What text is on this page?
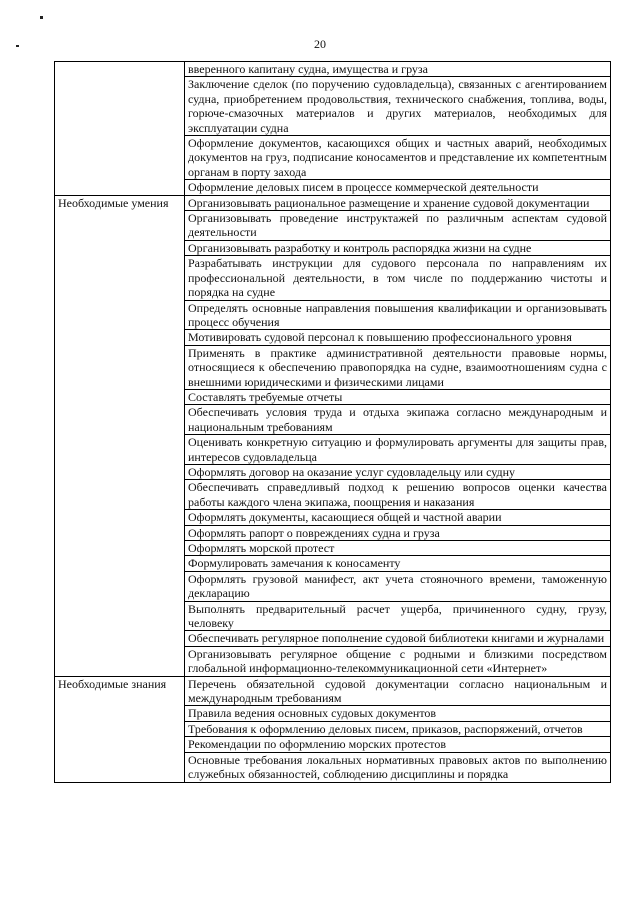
20
	вверенного капитану судна, имущества и груза
	Заключение сделок (по поручению судовладельца), связанных с агентированием судна, приобретением продовольствия, технического снабжения, топлива, воды, горюче-смазочных материалов и других материалов, необходимых для эксплуатации судна
	Оформление документов, касающихся общих и частных аварий, необходимых документов на груз, подписание коносаментов и представление их компетентным органам в порту захода
	Оформление деловых писем в процессе коммерческой деятельности
Необходимые умения	Организовывать рациональное размещение и хранение судовой документации
	Организовывать проведение инструктажей по различным аспектам судовой деятельности
	Организовывать разработку и контроль распорядка жизни на судне
	Разрабатывать инструкции для судового персонала по направлениям их профессиональной деятельности, в том числе по поддержанию чистоты и порядка на судне
	Определять основные направления повышения квалификации и организовывать процесс обучения
	Мотивировать судовой персонал к повышению профессионального уровня
	Применять в практике административной деятельности правовые нормы, относящиеся к обеспечению правопорядка на судне, взаимоотношениям судна с внешними юридическими и физическими лицами
	Составлять требуемые отчеты
	Обеспечивать условия труда и отдыха экипажа согласно международным и национальным требованиям
	Оценивать конкретную ситуацию и формулировать аргументы для защиты прав, интересов судовладельца
	Оформлять договор на оказание услуг судовладельцу или судну
	Обеспечивать справедливый подход к решению вопросов оценки качества работы каждого члена экипажа, поощрения и наказания
	Оформлять документы, касающиеся общей и частной аварии
	Оформлять рапорт о повреждениях судна и груза
	Оформлять морской протест
	Формулировать замечания к коносаменту
	Оформлять грузовой манифест, акт учета стояночного времени, таможенную декларацию
	Выполнять предварительный расчет ущерба, причиненного судну, грузу, человеку
	Обеспечивать регулярное пополнение судовой библиотеки книгами и журналами
	Организовывать регулярное общение с родными и близкими посредством глобальной информационно-телекоммуникационной сети «Интернет»
Необходимые знания	Перечень обязательной судовой документации согласно национальным и международным требованиям
	Правила ведения основных судовых документов
	Требования к оформлению деловых писем, приказов, распоряжений, отчетов
	Рекомендации по оформлению морских протестов
	Основные требования локальных нормативных правовых актов по выполнению служебных обязанностей, соблюдению дисциплины и порядка
